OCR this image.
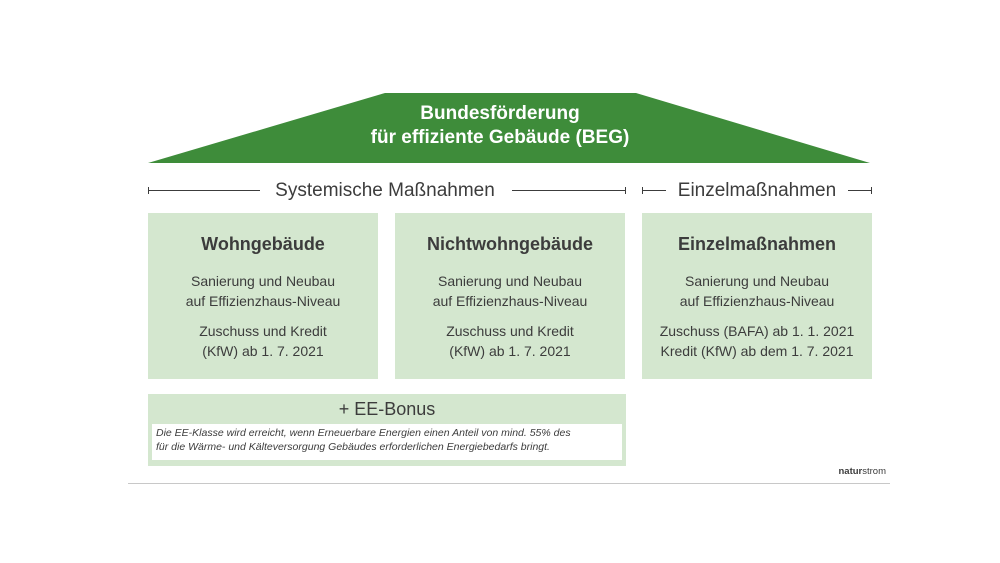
Bundesförderung
für effiziente Gebäude (BEG)
Systemische Maßnahmen	Einzelmaßnahmen
Wohngebäude
Sanierung und Neubau
auf Effizienzhaus-Niveau
Zuschuss und Kredit
(KfW) ab 1. 7. 2021
Nichtwohngebäude
Sanierung und Neubau
auf Effizienzhaus-Niveau
Zuschuss und Kredit
(KfW) ab 1. 7. 2021
Einzelmaßnahmen
Sanierung und Neubau
auf Effizienzhaus-Niveau
Zuschuss (BAFA) ab 1. 1. 2021
Kredit (KfW) ab dem 1. 7. 2021
+ EE-Bonus
Die EE-Klasse wird erreicht, wenn Erneuerbare Energien einen Anteil von mind. 55% des
für die Wärme- und Kälteversorgung Gebäudes erforderlichen Energiebedarfs bringt.
naturstrom
